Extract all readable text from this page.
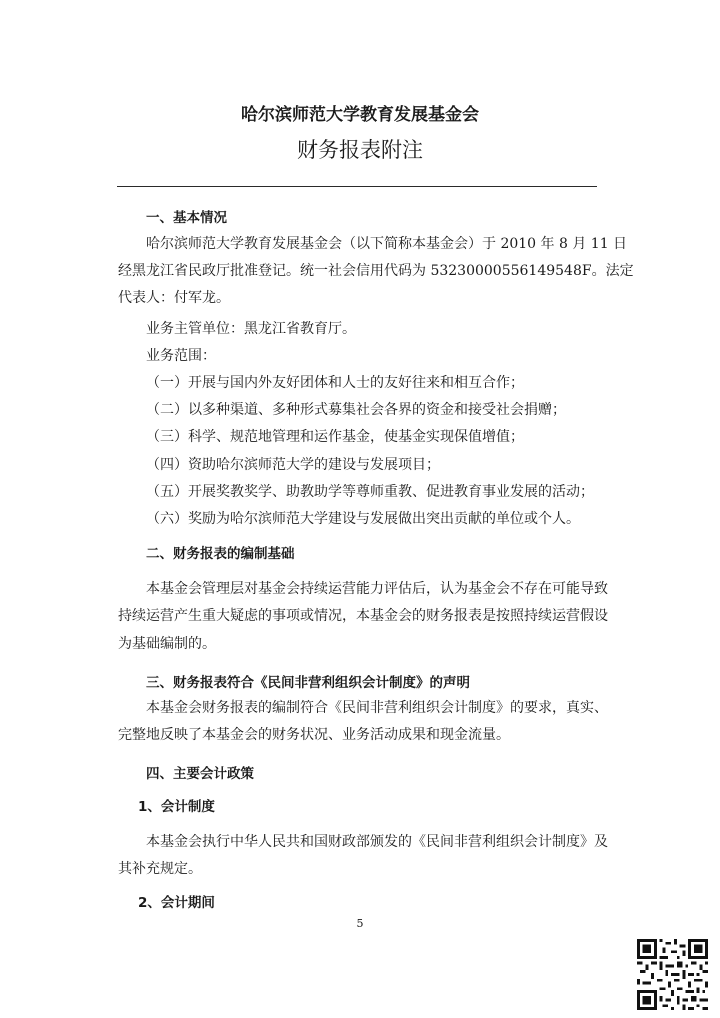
哈尔滨师范大学教育发展基金会
财务报表附注
一、基本情况
哈尔滨师范大学教育发展基金会（以下简称本基金会）于 2010 年 8 月 11 日
经黑龙江省民政厅批准登记。统一社会信用代码为 53230000556149548F。法定
代表人：付军龙。
业务主管单位：黑龙江省教育厅。
业务范围：
（一）开展与国内外友好团体和人士的友好往来和相互合作；
（二）以多种渠道、多种形式募集社会各界的资金和接受社会捐赠；
（三）科学、规范地管理和运作基金，使基金实现保值增值；
（四）资助哈尔滨师范大学的建设与发展项目；
（五）开展奖教奖学、助教助学等尊师重教、促进教育事业发展的活动；
（六）奖励为哈尔滨师范大学建设与发展做出突出贡献的单位或个人。
二、财务报表的编制基础
本基金会管理层对基金会持续运营能力评估后，认为基金会不存在可能导致
持续运营产生重大疑虑的事项或情况，本基金会的财务报表是按照持续运营假设
为基础编制的。
三、财务报表符合《民间非营利组织会计制度》的声明
本基金会财务报表的编制符合《民间非营利组织会计制度》的要求，真实、
完整地反映了本基金会的财务状况、业务活动成果和现金流量。
四、主要会计政策
1、会计制度
本基金会执行中华人民共和国财政部颁发的《民间非营利组织会计制度》及
其补充规定。
2、会计期间
5
